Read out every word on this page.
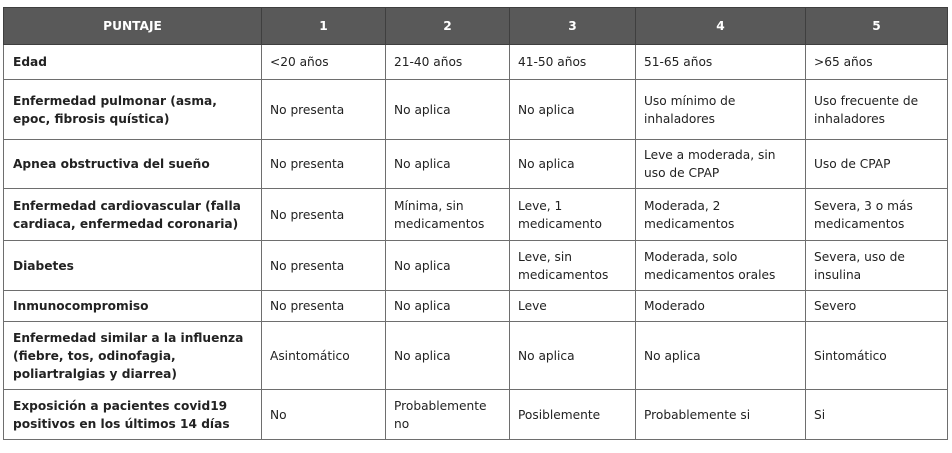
PUNTAJE	1	2	3	4	5
Edad	<20 años	21-40 años	41-50 años	51-65 años	>65 años
Enfermedad pulmonar (asma, epoc, fibrosis quística)	No presenta	No aplica	No aplica	Uso mínimo de inhaladores	Uso frecuente de inhaladores
Apnea obstructiva del sueño	No presenta	No aplica	No aplica	Leve a moderada, sin uso de CPAP	Uso de CPAP
Enfermedad cardiovascular (falla cardiaca, enfermedad coronaria)	No presenta	Mínima, sin medicamentos	Leve, 1 medicamento	Moderada, 2 medicamentos	Severa, 3 o más medicamentos
Diabetes	No presenta	No aplica	Leve, sin medicamentos	Moderada, solo medicamentos orales	Severa, uso de insulina
Inmunocompromiso	No presenta	No aplica	Leve	Moderado	Severo
Enfermedad similar a la influenza (fiebre, tos, odinofagia, poliartralgias y diarrea)	Asintomático	No aplica	No aplica	No aplica	Sintomático
Exposición a pacientes covid19 positivos en los últimos 14 días	No	Probablemente no	Posiblemente	Probablemente si	Si
